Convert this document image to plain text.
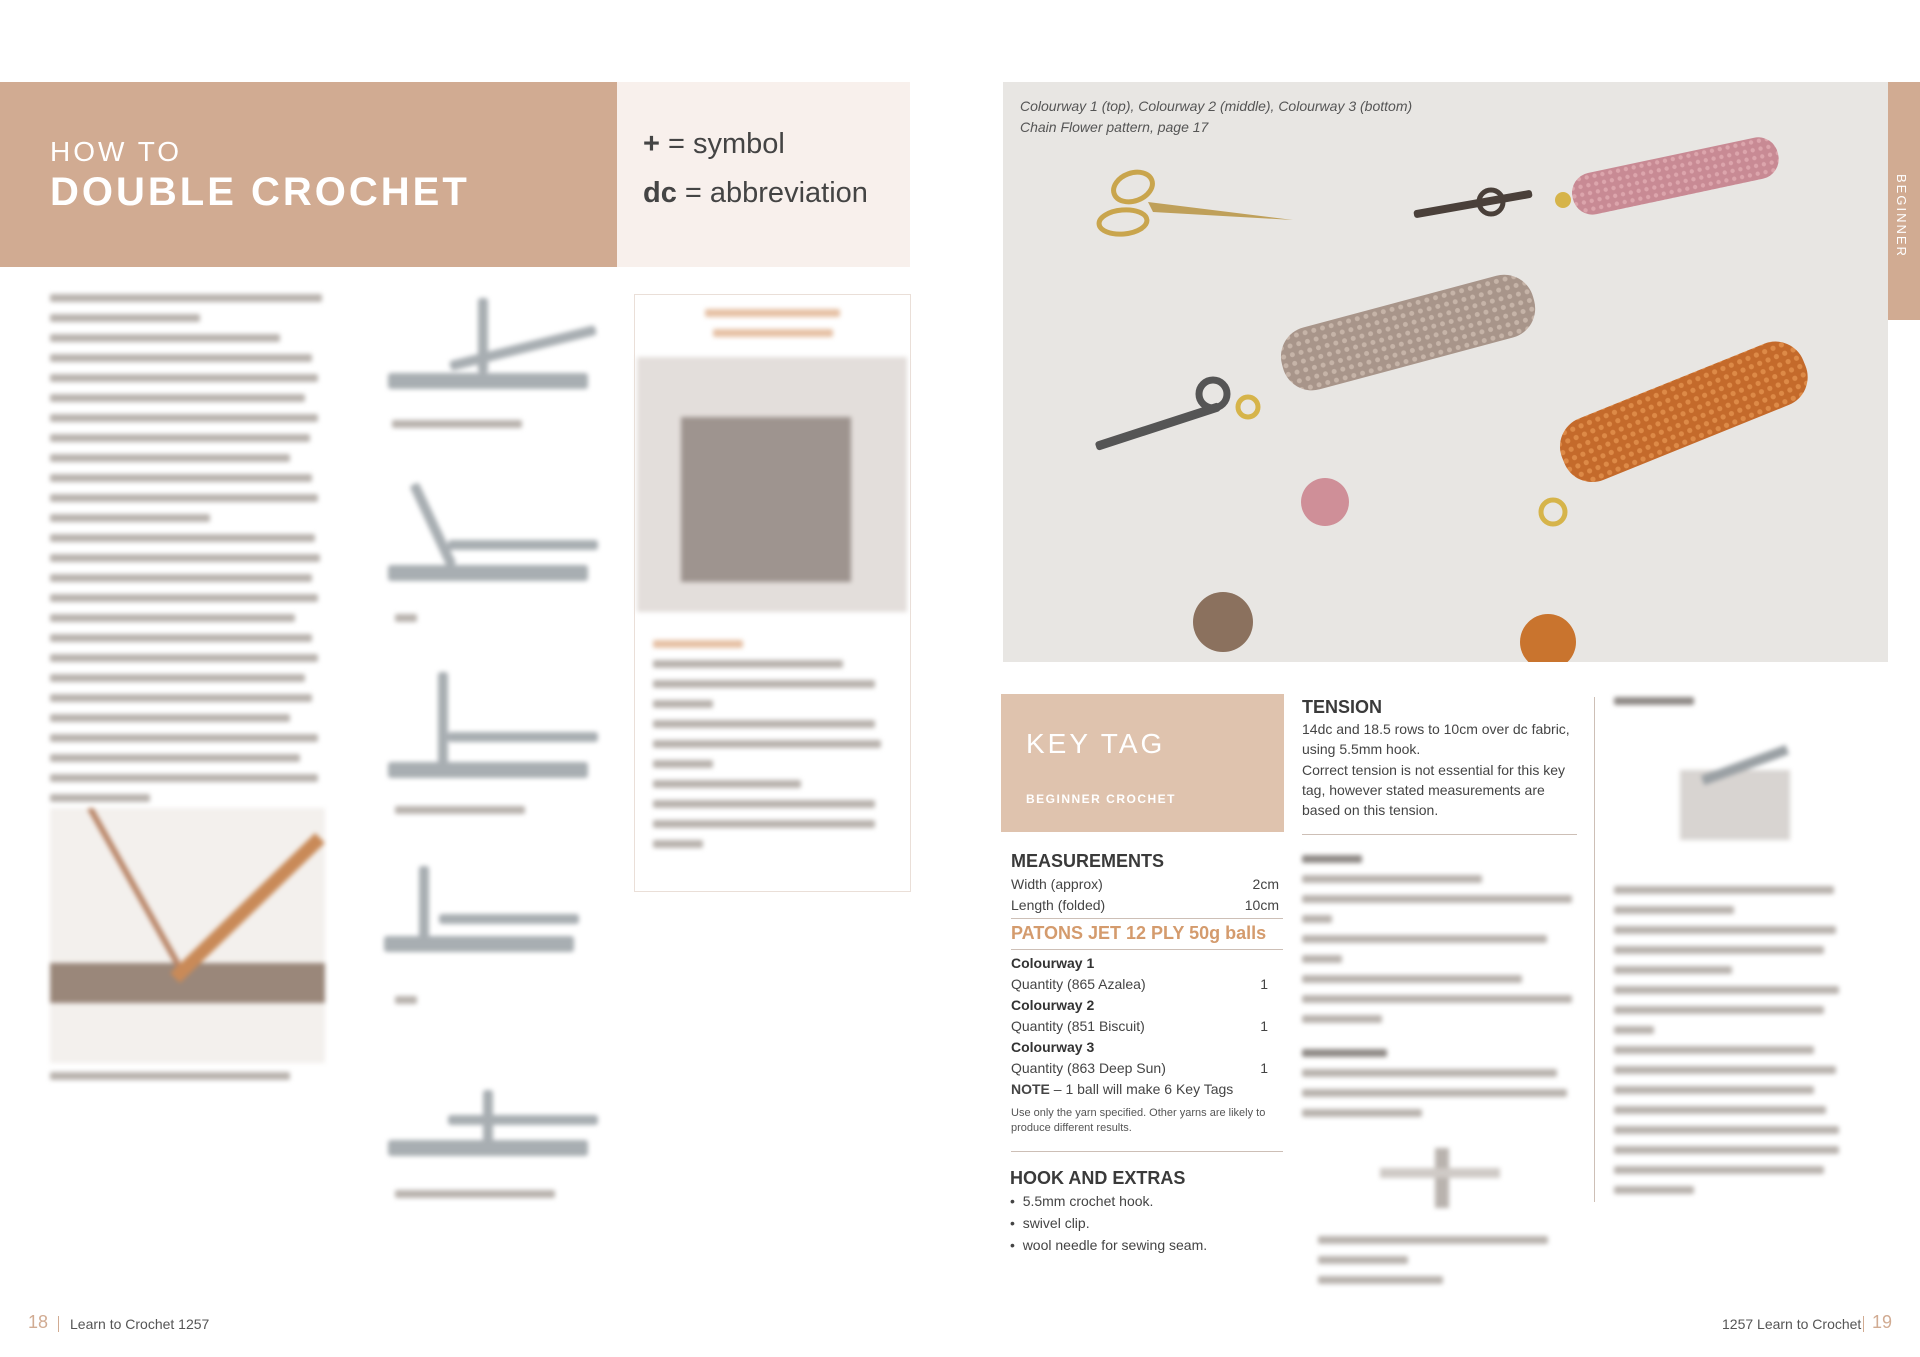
HOW TO
DOUBLE CROCHET
+ = symbol
dc = abbreviation
18 Learn to Crochet 1257
Colourway 1 (top), Colourway 2 (middle), Colourway 3 (bottom)
Chain Flower pattern, page 17
BEGINNER
KEY TAG
BEGINNER CROCHET
MEASUREMENTS
Width (approx)	2cm
Length (folded)	10cm
PATONS JET 12 PLY 50g balls
Colourway 1
Quantity (865 Azalea)	1
Colourway 2
Quantity (851 Biscuit)	1
Colourway 3
Quantity (863 Deep Sun)	1
NOTE – 1 ball will make 6 Key Tags
Use only the yarn specified. Other yarns are likely to produce different results.
HOOK AND EXTRAS
•  5.5mm crochet hook.
•  swivel clip.
•  wool needle for sewing seam.
TENSION
14dc and 18.5 rows to 10cm over dc fabric, using 5.5mm hook.
Correct tension is not essential for this key tag, however stated measurements are based on this tension.
1257 Learn to Crochet 19
